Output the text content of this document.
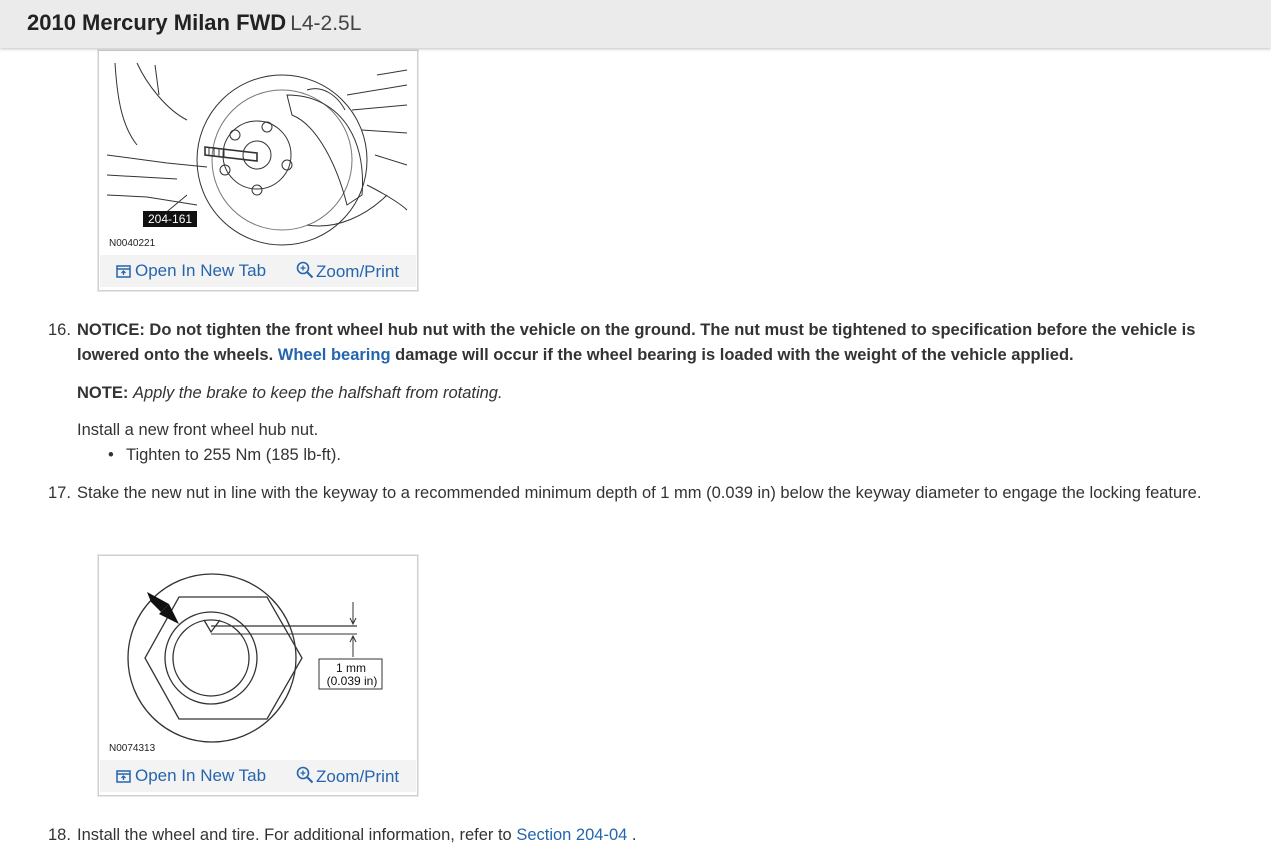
2010 Mercury Milan FWD L4-2.5L
204-161
N0040221
Open In New Tab	Zoom/Print
16. NOTICE: Do not tighten the front wheel hub nut with the vehicle on the ground. The nut must be tightened to specification before the vehicle is lowered onto the wheels. Wheel bearing damage will occur if the wheel bearing is loaded with the weight of the vehicle applied.
NOTE: Apply the brake to keep the halfshaft from rotating.
Install a new front wheel hub nut.
• Tighten to 255 Nm (185 lb-ft).
17. Stake the new nut in line with the keyway to a recommended minimum depth of 1 mm (0.039 in) below the keyway diameter to engage the locking feature.
1 mm
(0.039 in)
N0074313
Open In New Tab	Zoom/Print
18. Install the wheel and tire. For additional information, refer to Section 204-04 .
